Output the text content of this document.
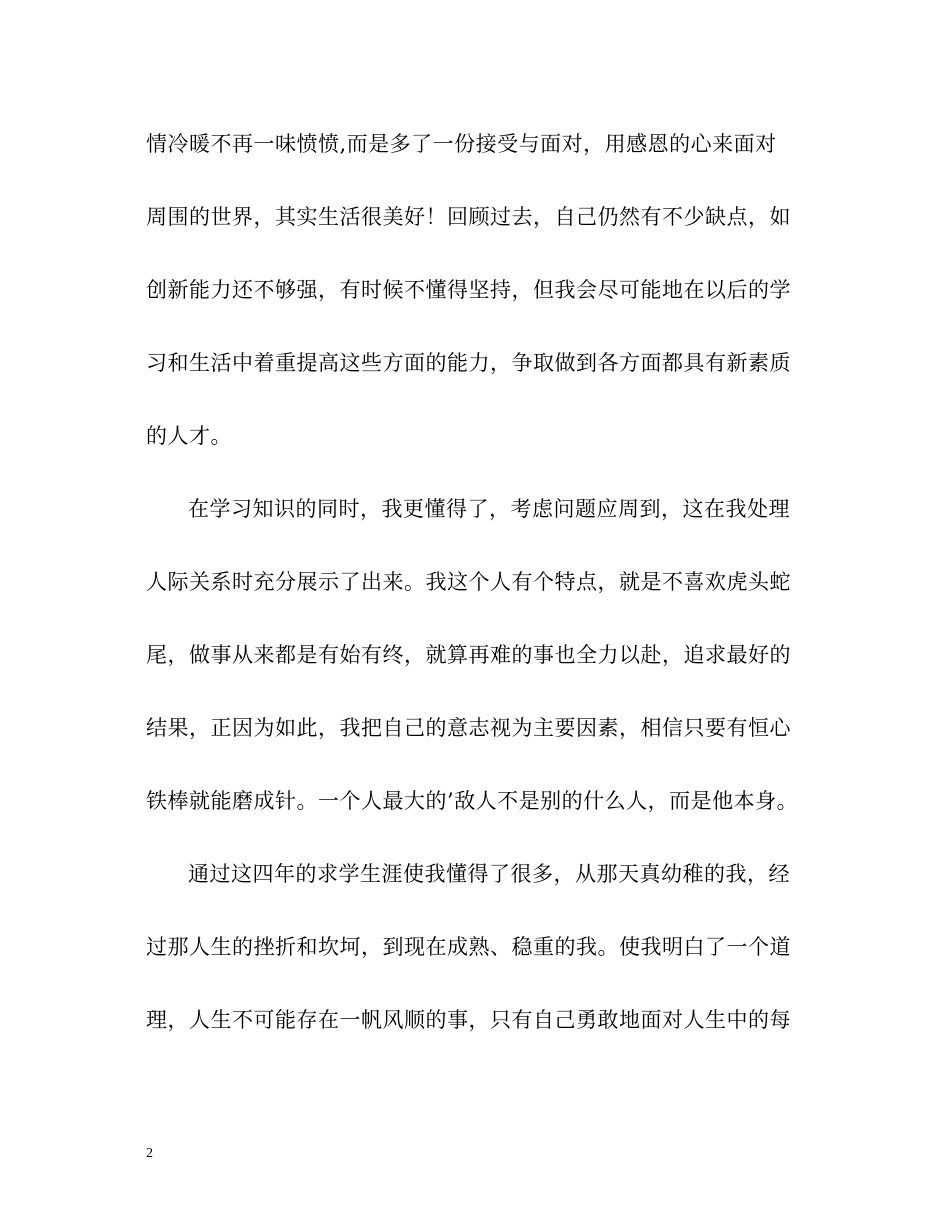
情冷暖不再一味愤愤,而是多了一份接受与面对，用感恩的心来面对
周围的世界，其实生活很美好！回顾过去，自己仍然有不少缺点，如
创新能力还不够强，有时候不懂得坚持，但我会尽可能地在以后的学
习和生活中着重提高这些方面的能力，争取做到各方面都具有新素质
的人才。
在学习知识的同时，我更懂得了，考虑问题应周到，这在我处理
人际关系时充分展示了出来。我这个人有个特点，就是不喜欢虎头蛇
尾，做事从来都是有始有终，就算再难的事也全力以赴，追求最好的
结果，正因为如此，我把自己的意志视为主要因素，相信只要有恒心
铁棒就能磨成针。一个人最大的’敌人不是别的什么人，而是他本身。
通过这四年的求学生涯使我懂得了很多，从那天真幼稚的我，经
过那人生的挫折和坎坷，到现在成熟、稳重的我。使我明白了一个道
理，人生不可能存在一帆风顺的事，只有自己勇敢地面对人生中的每
2
